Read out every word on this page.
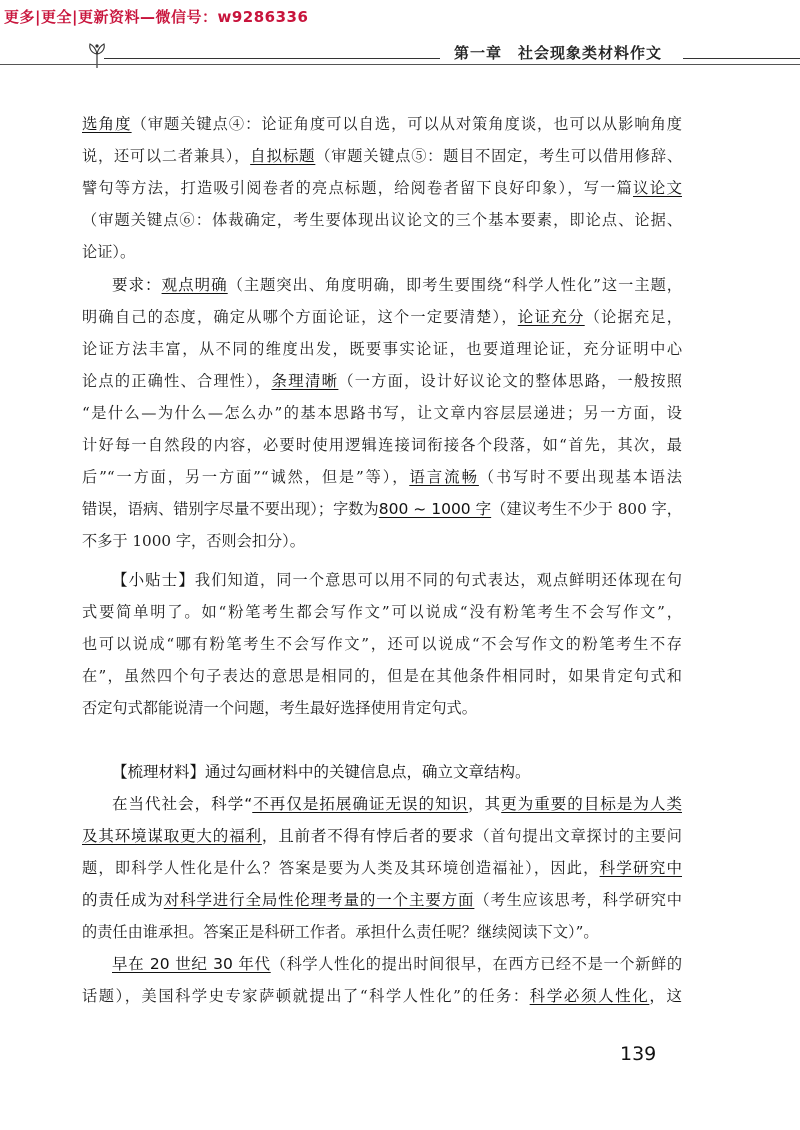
更多|更全|更新资料—微信号：w9286336
第一章　社会现象类材料作文
选角度（审题关键点④：论证角度可以自选，可以从对策角度谈，也可以从影响角度
说，还可以二者兼具），自拟标题（审题关键点⑤：题目不固定，考生可以借用修辞、
譬句等方法，打造吸引阅卷者的亮点标题，给阅卷者留下良好印象），写一篇议论文
（审题关键点⑥：体裁确定，考生要体现出议论文的三个基本要素，即论点、论据、
论证）。
要求：观点明确（主题突出、角度明确，即考生要围绕“科学人性化”这一主题，
明确自己的态度，确定从哪个方面论证，这个一定要清楚），论证充分（论据充足，
论证方法丰富，从不同的维度出发，既要事实论证，也要道理论证，充分证明中心
论点的正确性、合理性），条理清晰（一方面，设计好议论文的整体思路，一般按照
“是什么—为什么—怎么办”的基本思路书写，让文章内容层层递进；另一方面，设
计好每一自然段的内容，必要时使用逻辑连接词衔接各个段落，如“首先，其次，最
后”“一方面，另一方面”“诚然，但是”等），语言流畅（书写时不要出现基本语法
错误，语病、错别字尽量不要出现）；字数为800 ~ 1000 字（建议考生不少于 800 字，
不多于 1000 字，否则会扣分）。
【小贴士】我们知道，同一个意思可以用不同的句式表达，观点鲜明还体现在句
式要简单明了。如“粉笔考生都会写作文”可以说成“没有粉笔考生不会写作文”，
也可以说成“哪有粉笔考生不会写作文”，还可以说成“不会写作文的粉笔考生不存
在”，虽然四个句子表达的意思是相同的，但是在其他条件相同时，如果肯定句式和
否定句式都能说清一个问题，考生最好选择使用肯定句式。
【梳理材料】通过勾画材料中的关键信息点，确立文章结构。
在当代社会，科学“不再仅是拓展确证无误的知识，其更为重要的目标是为人类
及其环境谋取更大的福利，且前者不得有悖后者的要求（首句提出文章探讨的主要问
题，即科学人性化是什么？答案是要为人类及其环境创造福祉），因此，科学研究中
的责任成为对科学进行全局性伦理考量的一个主要方面（考生应该思考，科学研究中
的责任由谁承担。答案正是科研工作者。承担什么责任呢？继续阅读下文）”。
早在 20 世纪 30 年代（科学人性化的提出时间很早，在西方已经不是一个新鲜的
话题），美国科学史专家萨顿就提出了“科学人性化”的任务：科学必须人性化，这
139
